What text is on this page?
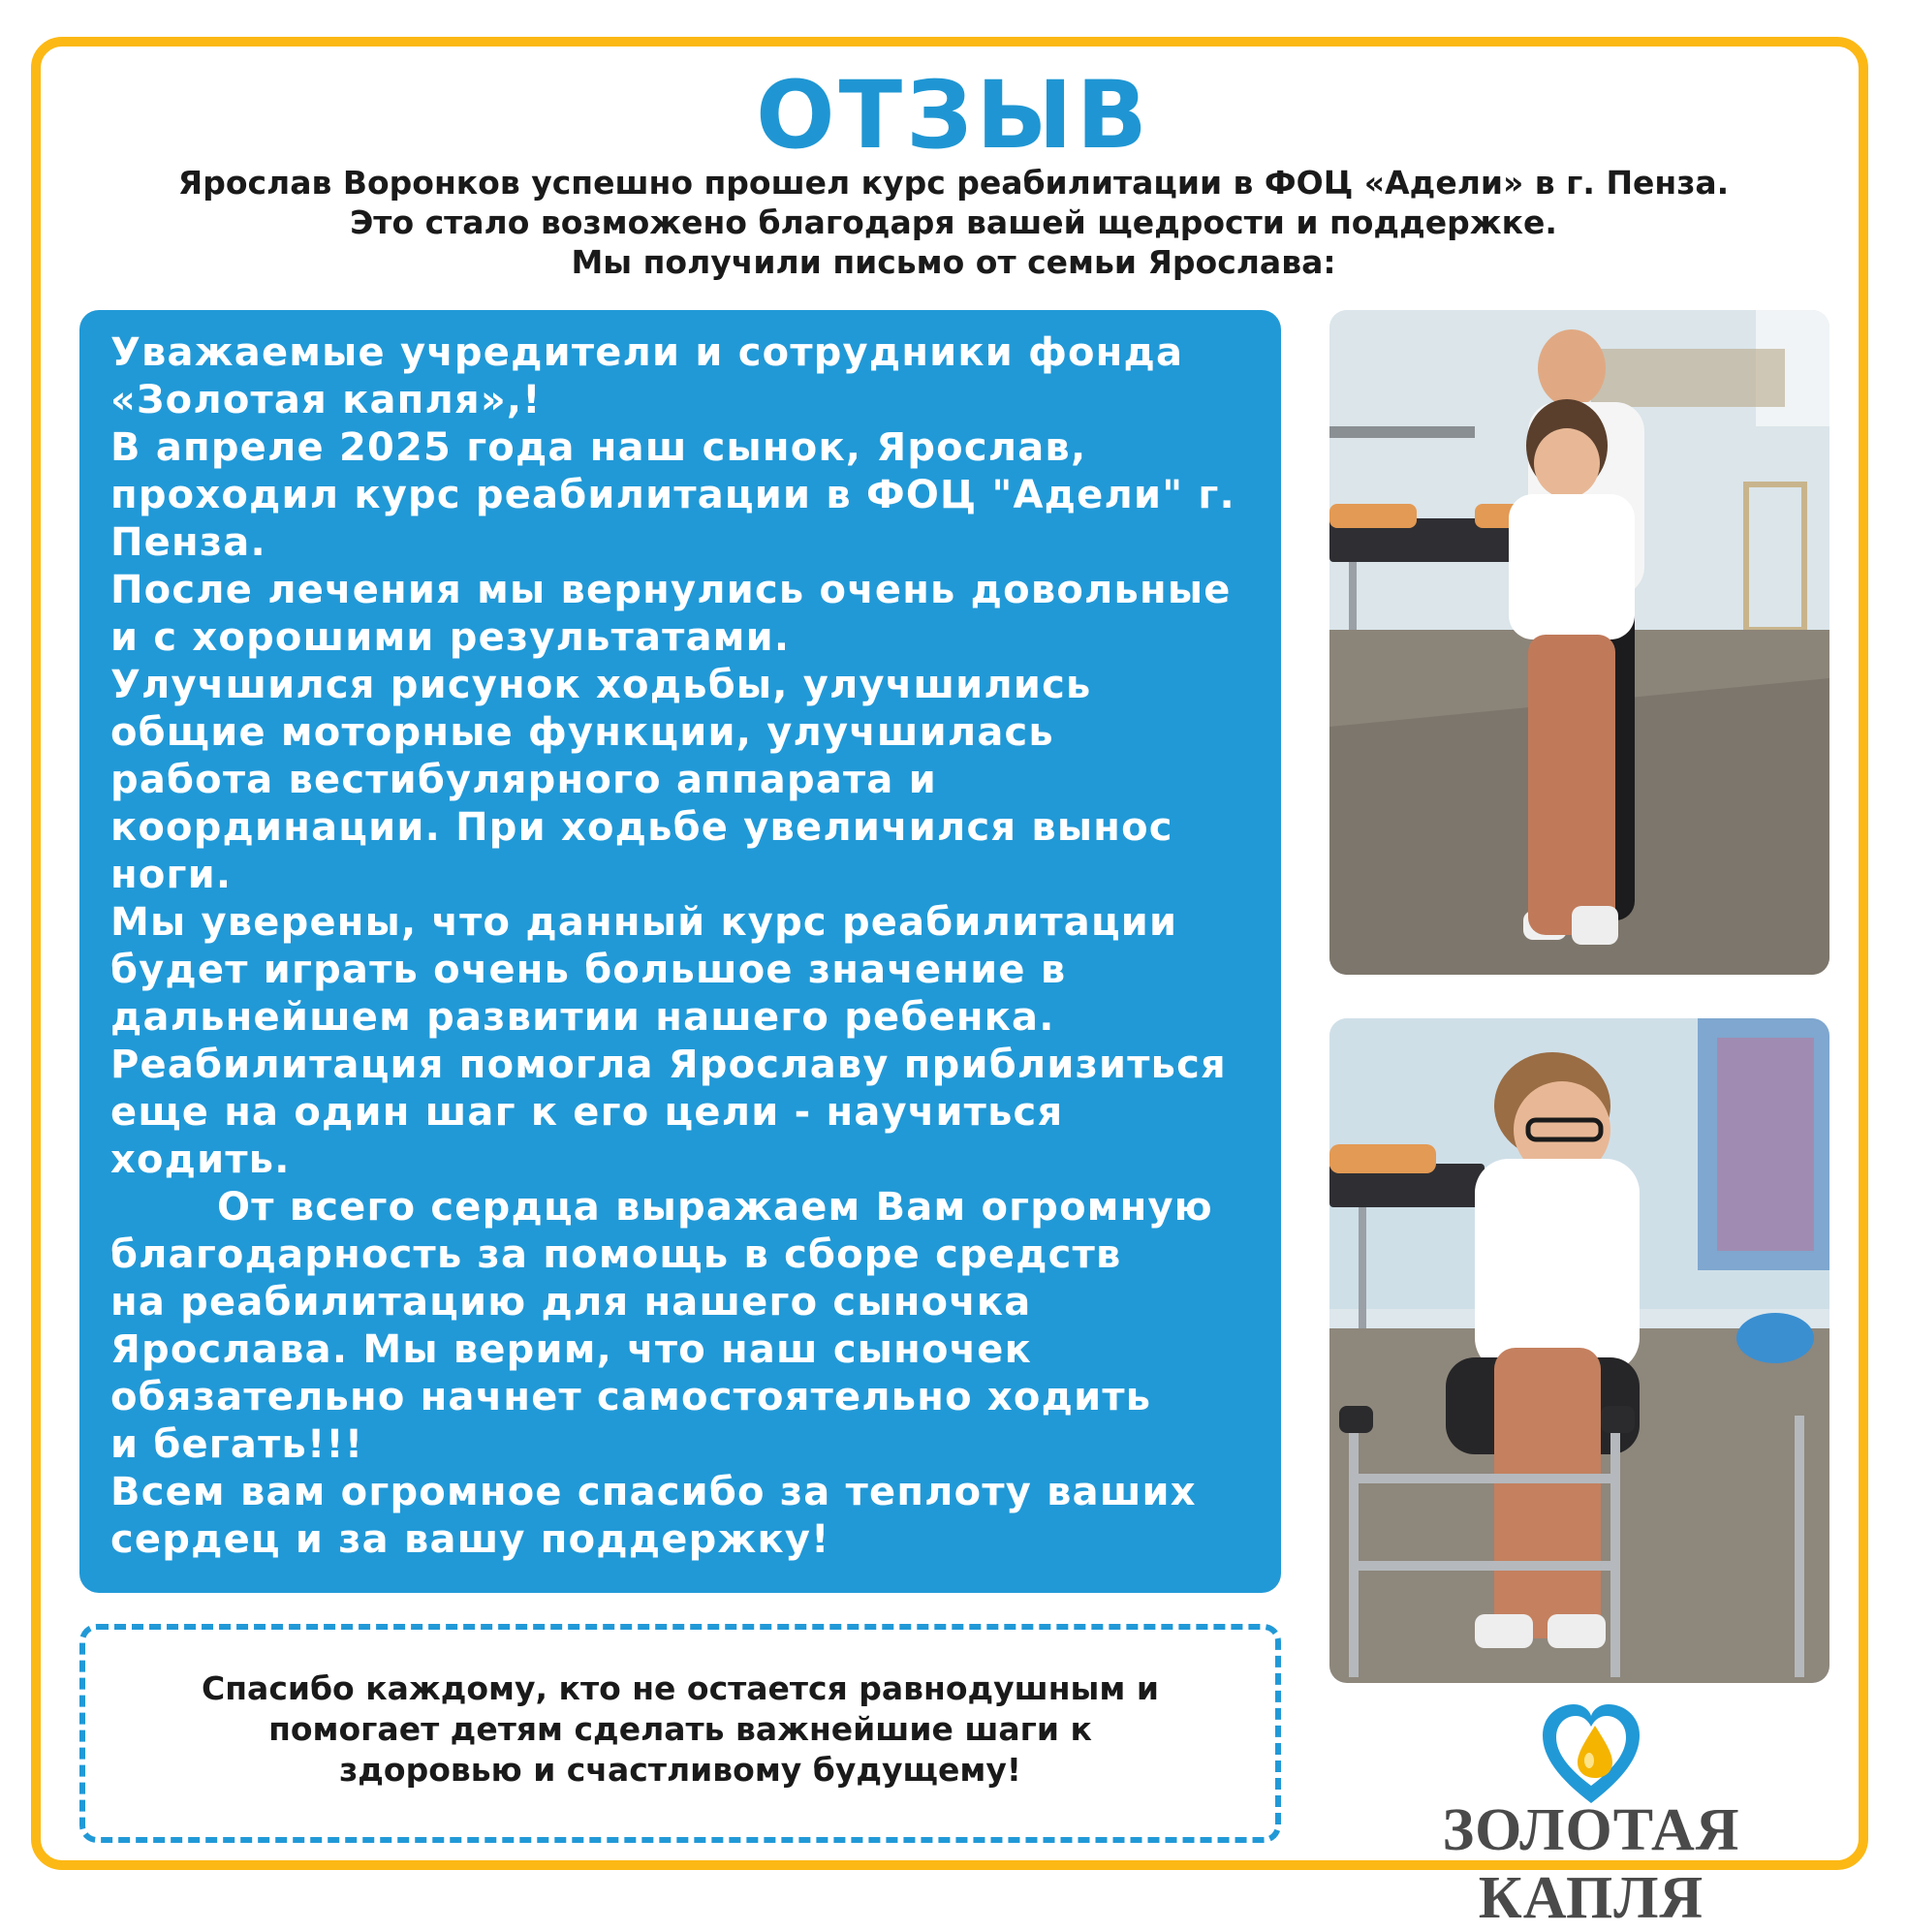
ОТЗЫВ
Ярослав Воронков успешно прошел курс реабилитации в ФОЦ «Адели» в г. Пенза.
Это стало возможено благодаря вашей щедрости и поддержке.
Мы получили письмо от семьи Ярослава:
Уважаемые учредители и сотрудники фонда
«Золотая капля»,!
В апреле 2025 года наш сынок, Ярослав,
проходил курс реабилитации в ФОЦ "Адели" г.
Пенза.
После лечения мы вернулись очень довольные
и с хорошими результатами.
Улучшился рисунок ходьбы, улучшились
общие моторные функции, улучшилась
работа вестибулярного аппарата и
координации. При ходьбе увеличился вынос
ноги.
Мы уверены, что данный курс реабилитации
будет играть очень большое значение в
дальнейшем развитии нашего ребенка.
Реабилитация помогла Ярославу приблизиться
еще на один шаг к его цели - научиться
ходить.
От всего сердца выражаем Вам огромную
благодарность за помощь в сборе средств
на реабилитацию для нашего сыночка
Ярослава. Мы верим, что наш сыночек
обязательно начнет самостоятельно ходить
и бегать!!!
Всем вам огромное спасибо за теплоту ваших
сердец и за вашу поддержку!
Спасибо каждому, кто не остается равнодушным и
помогает детям сделать важнейшие шаги к
здоровью и счастливому будущему!
ЗОЛОТАЯ КАПЛЯ
